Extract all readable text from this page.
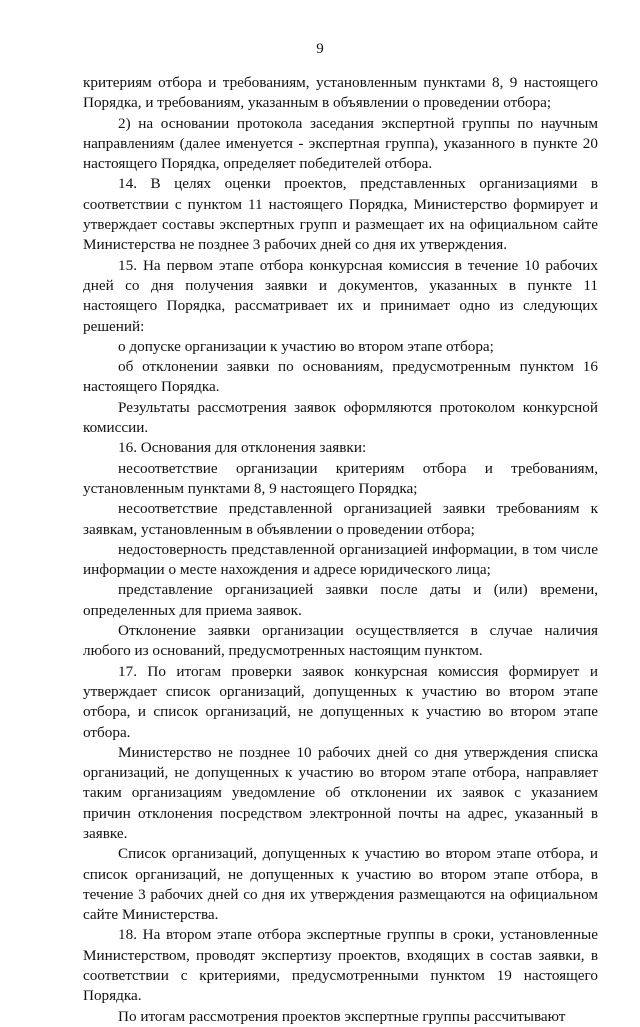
9

критериям отбора и требованиям, установленным пунктами 8, 9 настоящего Порядка, и требованиям, указанным в объявлении о проведении отбора;

2) на основании протокола заседания экспертной группы по научным направлениям (далее именуется - экспертная группа), указанного в пункте 20 настоящего Порядка, определяет победителей отбора.

14. В целях оценки проектов, представленных организациями в соответствии с пунктом 11 настоящего Порядка, Министерство формирует и утверждает составы экспертных групп и размещает их на официальном сайте Министерства не позднее 3 рабочих дней со дня их утверждения.

15. На первом этапе отбора конкурсная комиссия в течение 10 рабочих дней со дня получения заявки и документов, указанных в пункте 11 настоящего Порядка, рассматривает их и принимает одно из следующих решений:

о допуске организации к участию во втором этапе отбора;

об отклонении заявки по основаниям, предусмотренным пунктом 16 настоящего Порядка.

Результаты рассмотрения заявок оформляются протоколом конкурсной комиссии.

16. Основания для отклонения заявки:

несоответствие организации критериям отбора и требованиям, установленным пунктами 8, 9 настоящего Порядка;

несоответствие представленной организацией заявки требованиям к заявкам, установленным в объявлении о проведении отбора;

недостоверность представленной организацией информации, в том числе информации о месте нахождения и адресе юридического лица;

представление организацией заявки после даты и (или) времени, определенных для приема заявок.

Отклонение заявки организации осуществляется в случае наличия любого из оснований, предусмотренных настоящим пунктом.

17. По итогам проверки заявок конкурсная комиссия формирует и утверждает список организаций, допущенных к участию во втором этапе отбора, и список организаций, не допущенных к участию во втором этапе отбора.

Министерство не позднее 10 рабочих дней со дня утверждения списка организаций, не допущенных к участию во втором этапе отбора, направляет таким организациям уведомление об отклонении их заявок с указанием причин отклонения посредством электронной почты на адрес, указанный в заявке.

Список организаций, допущенных к участию во втором этапе отбора, и список организаций, не допущенных к участию во втором этапе отбора, в течение 3 рабочих дней со дня их утверждения размещаются на официальном сайте Министерства.

18. На втором этапе отбора экспертные группы в сроки, установленные Министерством, проводят экспертизу проектов, входящих в состав заявки, в соответствии с критериями, предусмотренными пунктом 19 настоящего Порядка.

По итогам рассмотрения проектов экспертные группы рассчитывают
